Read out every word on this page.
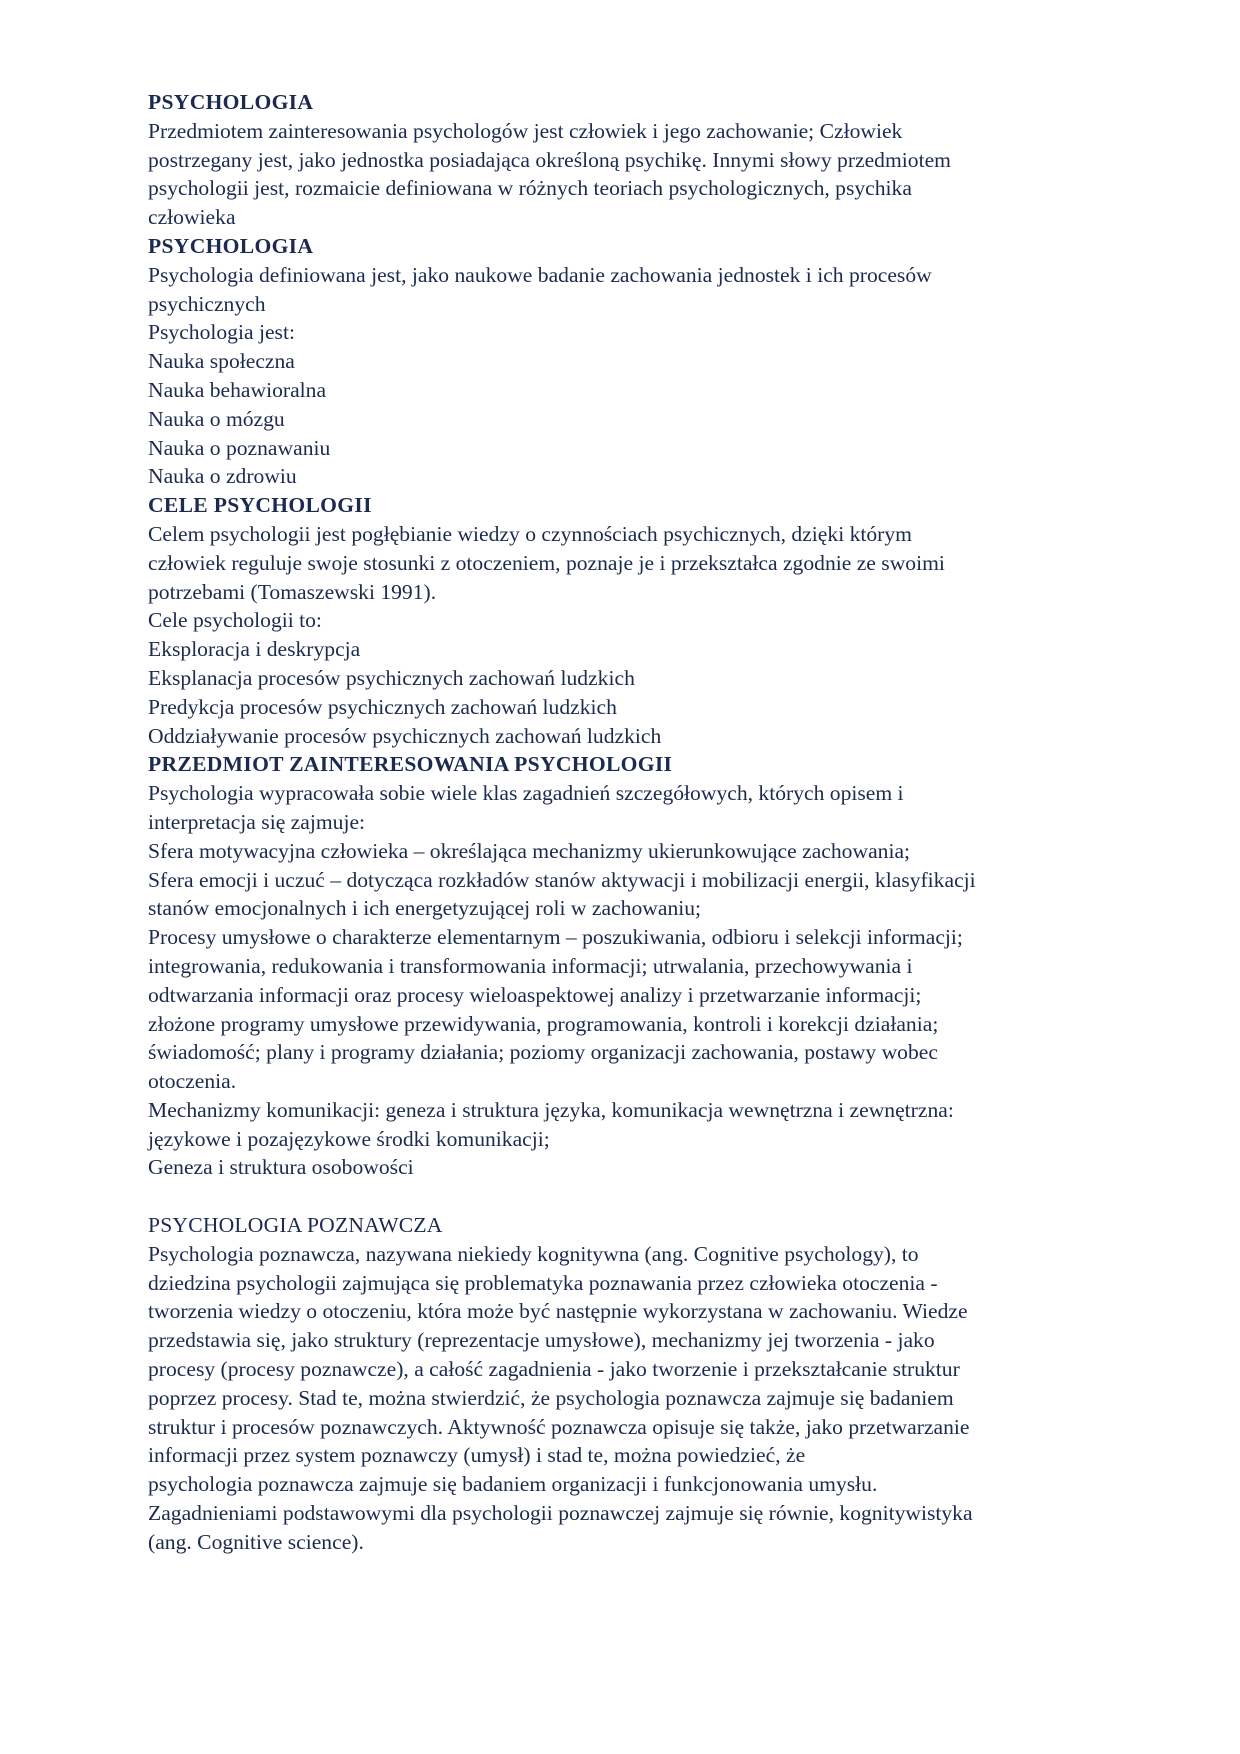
PSYCHOLOGIA
Przedmiotem zainteresowania psychologów jest człowiek i jego zachowanie; Człowiek
postrzegany jest, jako jednostka posiadająca określoną psychikę. Innymi słowy przedmiotem
psychologii jest, rozmaicie definiowana w różnych teoriach psychologicznych, psychika
człowieka
PSYCHOLOGIA
Psychologia definiowana jest, jako naukowe badanie zachowania jednostek i ich procesów
psychicznych
Psychologia jest:
Nauka społeczna
Nauka behawioralna
Nauka o mózgu
Nauka o poznawaniu
Nauka o zdrowiu
CELE PSYCHOLOGII
Celem psychologii jest pogłębianie wiedzy o czynnościach psychicznych, dzięki którym
człowiek reguluje swoje stosunki z otoczeniem, poznaje je i przekształca zgodnie ze swoimi
potrzebami (Tomaszewski 1991).
Cele psychologii to:
Eksploracja i deskrypcja
Eksplanacja procesów psychicznych zachowań ludzkich
Predykcja procesów psychicznych zachowań ludzkich
Oddziaływanie procesów psychicznych zachowań ludzkich
PRZEDMIOT ZAINTERESOWANIA PSYCHOLOGII
Psychologia wypracowała sobie wiele klas zagadnień szczegółowych, których opisem i
interpretacja się zajmuje:
Sfera motywacyjna człowieka – określająca mechanizmy ukierunkowujące zachowania;
Sfera emocji i uczuć – dotycząca rozkładów stanów aktywacji i mobilizacji energii, klasyfikacji
stanów emocjonalnych i ich energetyzującej roli w zachowaniu;
Procesy umysłowe o charakterze elementarnym – poszukiwania, odbioru i selekcji informacji;
integrowania, redukowania i transformowania informacji; utrwalania, przechowywania i
odtwarzania informacji oraz procesy wieloaspektowej analizy i przetwarzanie informacji;
złożone programy umysłowe przewidywania, programowania, kontroli i korekcji działania;
świadomość; plany i programy działania; poziomy organizacji zachowania, postawy wobec
otoczenia.
Mechanizmy komunikacji: geneza i struktura języka, komunikacja wewnętrzna i zewnętrzna:
językowe i pozajęzykowe środki komunikacji;
Geneza i struktura osobowości
PSYCHOLOGIA POZNAWCZA
Psychologia poznawcza, nazywana niekiedy kognitywna (ang. Cognitive psychology), to
dziedzina psychologii zajmująca się problematyka poznawania przez człowieka otoczenia -
tworzenia wiedzy o otoczeniu, która może być następnie wykorzystana w zachowaniu. Wiedze
przedstawia się, jako struktury (reprezentacje umysłowe), mechanizmy jej tworzenia - jako
procesy (procesy poznawcze), a całość zagadnienia - jako tworzenie i przekształcanie struktur
poprzez procesy. Stad te, można stwierdzić, że psychologia poznawcza zajmuje się badaniem
struktur i procesów poznawczych. Aktywność poznawcza opisuje się także, jako przetwarzanie
informacji przez system poznawczy (umysł) i stad te, można powiedzieć, że
psychologia poznawcza zajmuje się badaniem organizacji i funkcjonowania umysłu.
Zagadnieniami podstawowymi dla psychologii poznawczej zajmuje się równie, kognitywistyka
(ang. Cognitive science).
